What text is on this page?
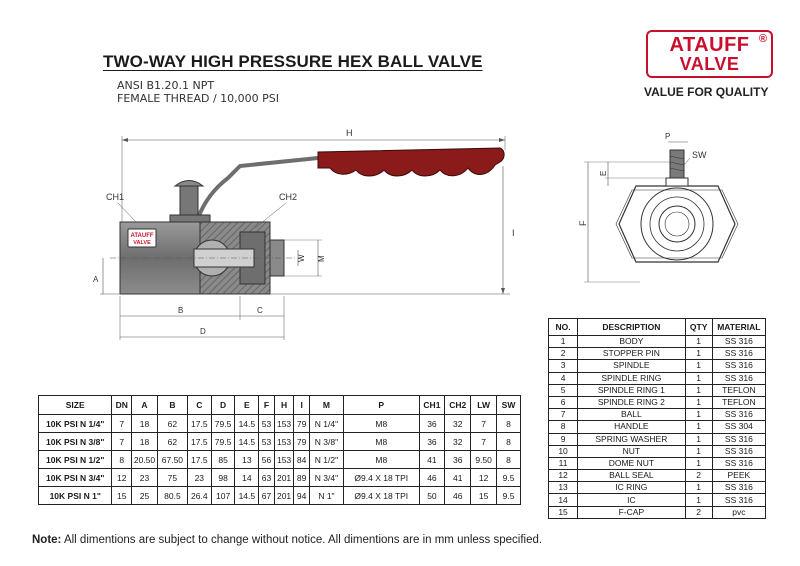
TWO-WAY HIGH PRESSURE HEX BALL VALVE
ANSI B1.20.1 NPT
FEMALE THREAD / 10,000 PSI
ATAUFF
VALVE
®
VALUE FOR QUALITY
ATAUFF
VALVE
H
I
A
B	C
D
CH1	CH2
W M
P
SW
E
F
SIZE	DN	A	B	C	D	E	F	H	I	M	P	CH1	CH2	LW	SW
10K PSI N 1/4"	7	18	62	17.5	79.5	14.5	53	153	79	N 1/4"	M8	36	32	7	8
10K PSI N 3/8"	7	18	62	17.5	79.5	14.5	53	153	79	N 3/8"	M8	36	32	7	8
10K PSI N 1/2"	8	20.50	67.50	17.5	85	13	56	153	84	N 1/2"	M8	41	36	9.50	8
10K PSI N 3/4"	12	23	75	23	98	14	63	201	89	N 3/4"	Ø9.4 X 18 TPI	46	41	12	9.5
10K PSI N 1"	15	25	80.5	26.4	107	14.5	67	201	94	N 1"	Ø9.4 X 18 TPI	50	46	15	9.5
NO.	DESCRIPTION	QTY	MATERIAL
1	BODY	1	SS 316
2	STOPPER PIN	1	SS 316
3	SPINDLE	1	SS 316
4	SPINDLE RING	1	SS 316
5	SPINDLE RING 1	1	TEFLON
6	SPINDLE RING 2	1	TEFLON
7	BALL	1	SS 316
8	HANDLE	1	SS 304
9	SPRING WASHER	1	SS 316
10	NUT	1	SS 316
11	DOME NUT	1	SS 316
12	BALL SEAL	2	PEEK
13	IC RING	1	SS 316
14	IC	1	SS 316
15	F-CAP	2	pvc
Note: All dimentions are subject to change without notice. All dimentions are in mm unless specified.
